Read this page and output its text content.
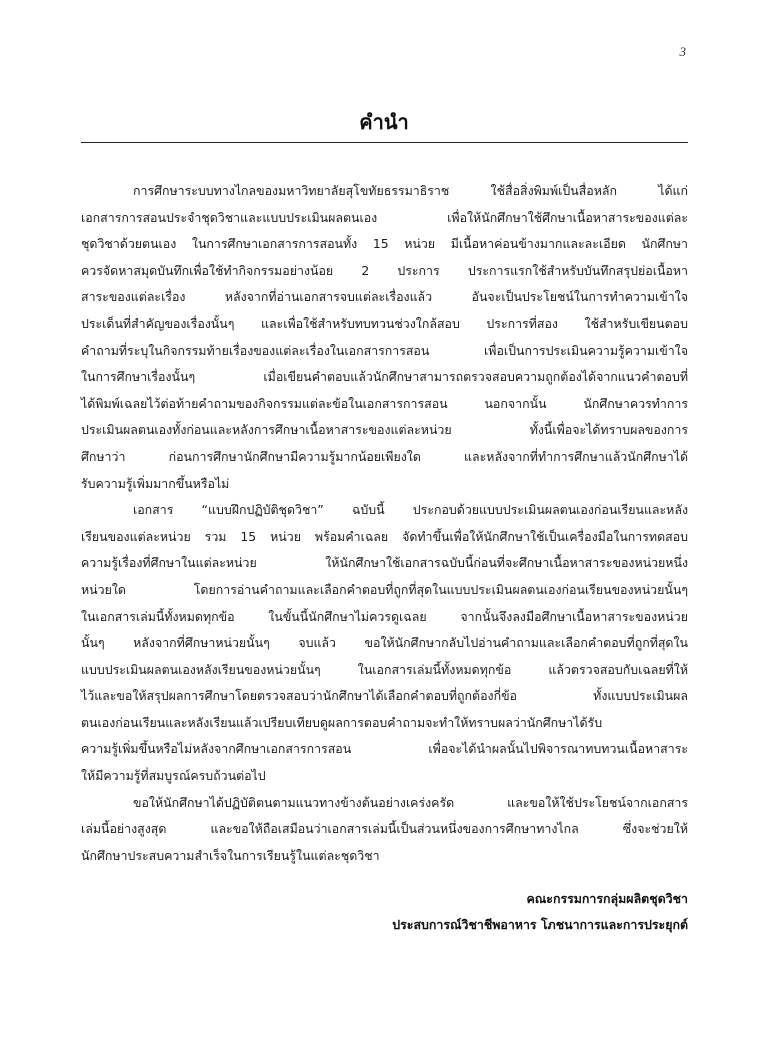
3
คำนำ
การศึกษาระบบทางไกลของมหาวิทยาลัยสุโขทัยธรรมาธิราช ใช้สื่อสิ่งพิมพ์เป็นสื่อหลัก ได้แก่
เอกสารการสอนประจำชุดวิชาและแบบประเมินผลตนเอง เพื่อให้นักศึกษาใช้ศึกษาเนื้อหาสาระของแต่ละ
ชุดวิชาด้วยตนเอง ในการศึกษาเอกสารการสอนทั้ง 15 หน่วย มีเนื้อหาค่อนข้างมากและละเอียด นักศึกษา
ควรจัดหาสมุดบันทึกเพื่อใช้ทำกิจกรรมอย่างน้อย 2 ประการ ประการแรกใช้สำหรับบันทึกสรุปย่อเนื้อหา
สาระของแต่ละเรื่อง หลังจากที่อ่านเอกสารจบแต่ละเรื่องแล้ว อันจะเป็นประโยชน์ในการทำความเข้าใจ
ประเด็นที่สำคัญของเรื่องนั้นๆ และเพื่อใช้สำหรับทบทวนช่วงใกล้สอบ ประการที่สอง ใช้สำหรับเขียนตอบ
คำถามที่ระบุในกิจกรรมท้ายเรื่องของแต่ละเรื่องในเอกสารการสอน เพื่อเป็นการประเมินความรู้ความเข้าใจ
ในการศึกษาเรื่องนั้นๆ เมื่อเขียนคำตอบแล้วนักศึกษาสามารถตรวจสอบความถูกต้องได้จากแนวคำตอบที่
ได้พิมพ์เฉลยไว้ต่อท้ายคำถามของกิจกรรมแต่ละข้อในเอกสารการสอน นอกจากนั้น นักศึกษาควรทำการ
ประเมินผลตนเองทั้งก่อนและหลังการศึกษาเนื้อหาสาระของแต่ละหน่วย ทั้งนี้เพื่อจะได้ทราบผลของการ
ศึกษาว่า ก่อนการศึกษานักศึกษามีความรู้มากน้อยเพียงใด และหลังจากที่ทำการศึกษาแล้วนักศึกษาได้
รับความรู้เพิ่มมากขึ้นหรือไม่
เอกสาร “แบบฝึกปฏิบัติชุดวิชา” ฉบับนี้ ประกอบด้วยแบบประเมินผลตนเองก่อนเรียนและหลัง
เรียนของแต่ละหน่วย รวม 15 หน่วย พร้อมคำเฉลย จัดทำขึ้นเพื่อให้นักศึกษาใช้เป็นเครื่องมือในการทดสอบ
ความรู้เรื่องที่ศึกษาในแต่ละหน่วย ให้นักศึกษาใช้เอกสารฉบับนี้ก่อนที่จะศึกษาเนื้อหาสาระของหน่วยหนึ่ง
หน่วยใด โดยการอ่านคำถามและเลือกคำตอบที่ถูกที่สุดในแบบประเมินผลตนเองก่อนเรียนของหน่วยนั้นๆ
ในเอกสารเล่มนี้ทั้งหมดทุกข้อ ในขั้นนี้นักศึกษาไม่ควรดูเฉลย จากนั้นจึงลงมือศึกษาเนื้อหาสาระของหน่วย
นั้นๆ หลังจากที่ศึกษาหน่วยนั้นๆ จบแล้ว ขอให้นักศึกษากลับไปอ่านคำถามและเลือกคำตอบที่ถูกที่สุดใน
แบบประเมินผลตนเองหลังเรียนของหน่วยนั้นๆ ในเอกสารเล่มนี้ทั้งหมดทุกข้อ แล้วตรวจสอบกับเฉลยที่ให้
ไว้และขอให้สรุปผลการศึกษาโดยตรวจสอบว่านักศึกษาได้เลือกคำตอบที่ถูกต้องกี่ข้อ ทั้งแบบประเมินผล
ตนเองก่อนเรียนและหลังเรียนแล้วเปรียบเทียบดูผลการตอบคำถามจะทำให้ทราบผลว่านักศึกษาได้รับ
ความรู้เพิ่มขึ้นหรือไม่หลังจากศึกษาเอกสารการสอน เพื่อจะได้นำผลนั้นไปพิจารณาทบทวนเนื้อหาสาระ
ให้มีความรู้ที่สมบูรณ์ครบถ้วนต่อไป
ขอให้นักศึกษาได้ปฏิบัติตนตามแนวทางข้างต้นอย่างเคร่งครัด และขอให้ใช้ประโยชน์จากเอกสาร
เล่มนี้อย่างสูงสุด และขอให้ถือเสมือนว่าเอกสารเล่มนี้เป็นส่วนหนึ่งของการศึกษาทางไกล ซึ่งจะช่วยให้
นักศึกษาประสบความสำเร็จในการเรียนรู้ในแต่ละชุดวิชา
คณะกรรมการกลุ่มผลิตชุดวิชา
ประสบการณ์วิชาชีพอาหาร โภชนาการและการประยุกต์
